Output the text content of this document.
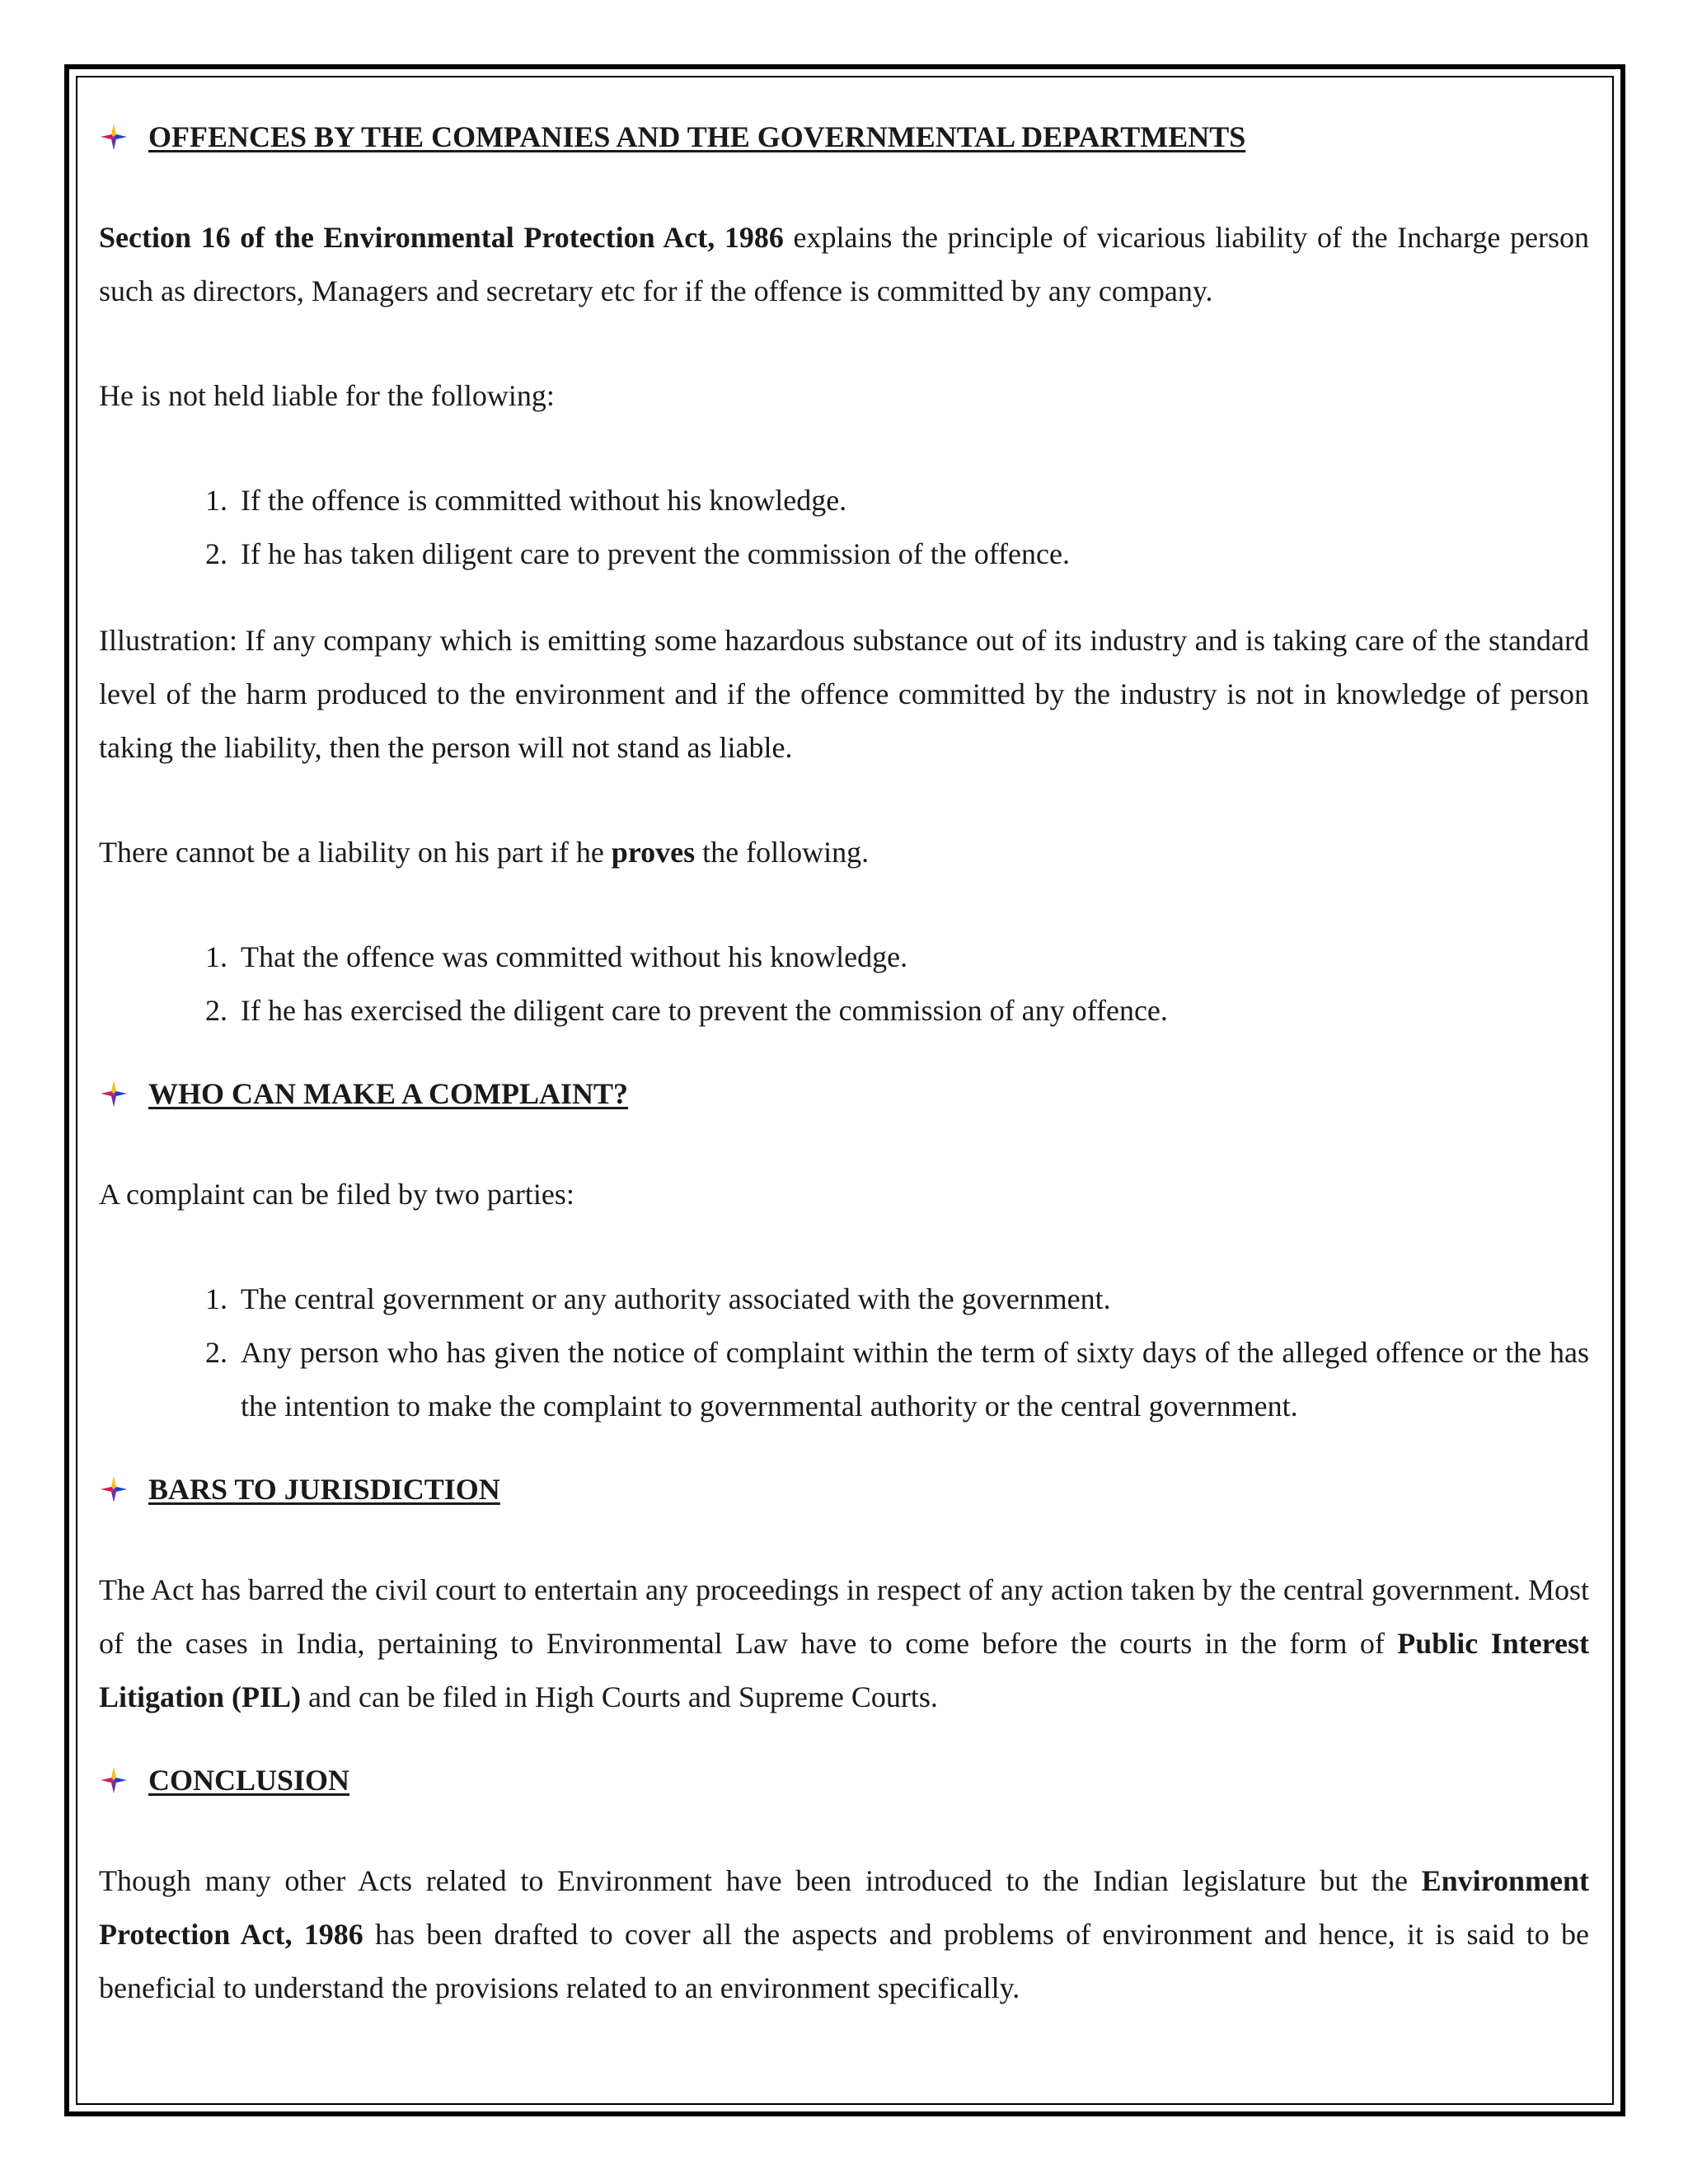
OFFENCES BY THE COMPANIES AND THE GOVERNMENTAL DEPARTMENTS

Section 16 of the Environmental Protection Act, 1986 explains the principle of vicarious liability of the Incharge person such as directors, Managers and secretary etc for if the offence is committed by any company.

He is not held liable for the following:

1. If the offence is committed without his knowledge.
2. If he has taken diligent care to prevent the commission of the offence.

Illustration: If any company which is emitting some hazardous substance out of its industry and is taking care of the standard level of the harm produced to the environment and if the offence committed by the industry is not in knowledge of person taking the liability, then the person will not stand as liable.

There cannot be a liability on his part if he proves the following.

1. That the offence was committed without his knowledge.
2. If he has exercised the diligent care to prevent the commission of any offence.
WHO CAN MAKE A COMPLAINT?

A complaint can be filed by two parties:

1. The central government or any authority associated with the government.
2. Any person who has given the notice of complaint within the term of sixty days of the alleged offence or the has the intention to make the complaint to governmental authority or the central government.
BARS TO JURISDICTION

The Act has barred the civil court to entertain any proceedings in respect of any action taken by the central government. Most of the cases in India, pertaining to Environmental Law have to come before the courts in the form of Public Interest Litigation (PIL) and can be filed in High Courts and Supreme Courts.

CONCLUSION

Though many other Acts related to Environment have been introduced to the Indian legislature but the Environment Protection Act, 1986 has been drafted to cover all the aspects and problems of environment and hence, it is said to be beneficial to understand the provisions related to an environment specifically.
